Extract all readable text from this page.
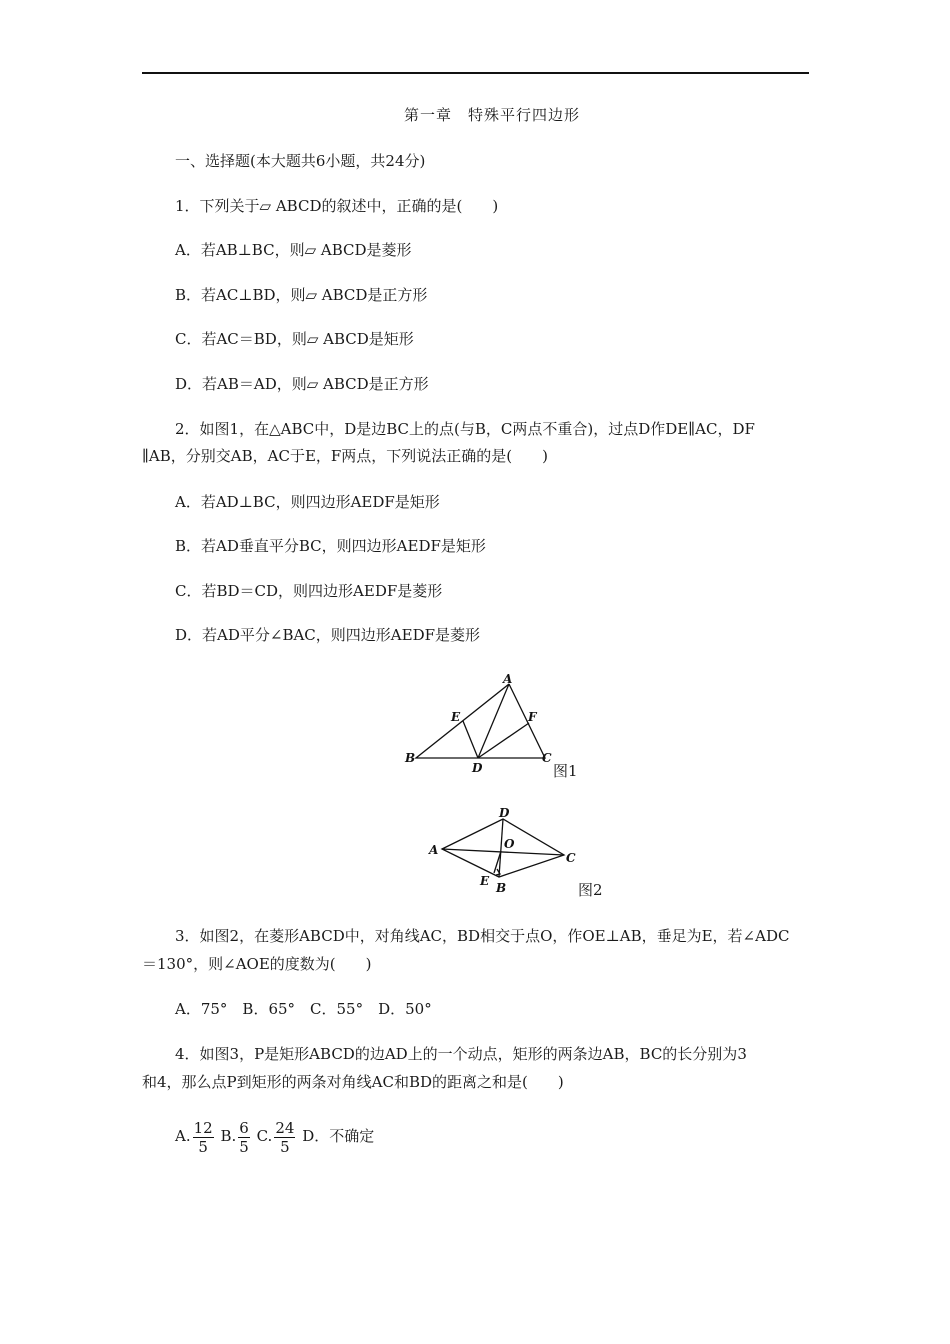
第一章　特殊平行四边形
一、选择题(本大题共6小题，共24分)
1．下列关于▱ ABCD的叙述中，正确的是(　　)
A．若AB⊥BC，则▱ ABCD是菱形
B．若AC⊥BD，则▱ ABCD是正方形
C．若AC＝BD，则▱ ABCD是矩形
D．若AB＝AD，则▱ ABCD是正方形
2．如图1，在△ABC中，D是边BC上的点(与B，C两点不重合)，过点D作DE∥AC，DF
∥AB，分别交AB，AC于E，F两点，下列说法正确的是(　　)
A．若AD⊥BC，则四边形AEDF是矩形
B．若AD垂直平分BC，则四边形AEDF是矩形
C．若BD＝CD，则四边形AEDF是菱形
D．若AD平分∠BAC，则四边形AEDF是菱形
A
B	C
D
E	F
图1
D
A
C
O
E B	图2
3．如图2，在菱形ABCD中，对角线AC，BD相交于点O，作OE⊥AB，垂足为E，若∠ADC
＝130°，则∠AOE的度数为(　　)
A．75°　B．65°　C．55°　D．50°
4．如图3，P是矩形ABCD的边AD上的一个动点，矩形的两条边AB，BC的长分别为3
和4，那么点P到矩形的两条对角线AC和BD的距离之和是(　　)
A. $\frac{12}{5} B$. $\frac{6}{5} C$. $\frac{24}{5}$ D．不确定
